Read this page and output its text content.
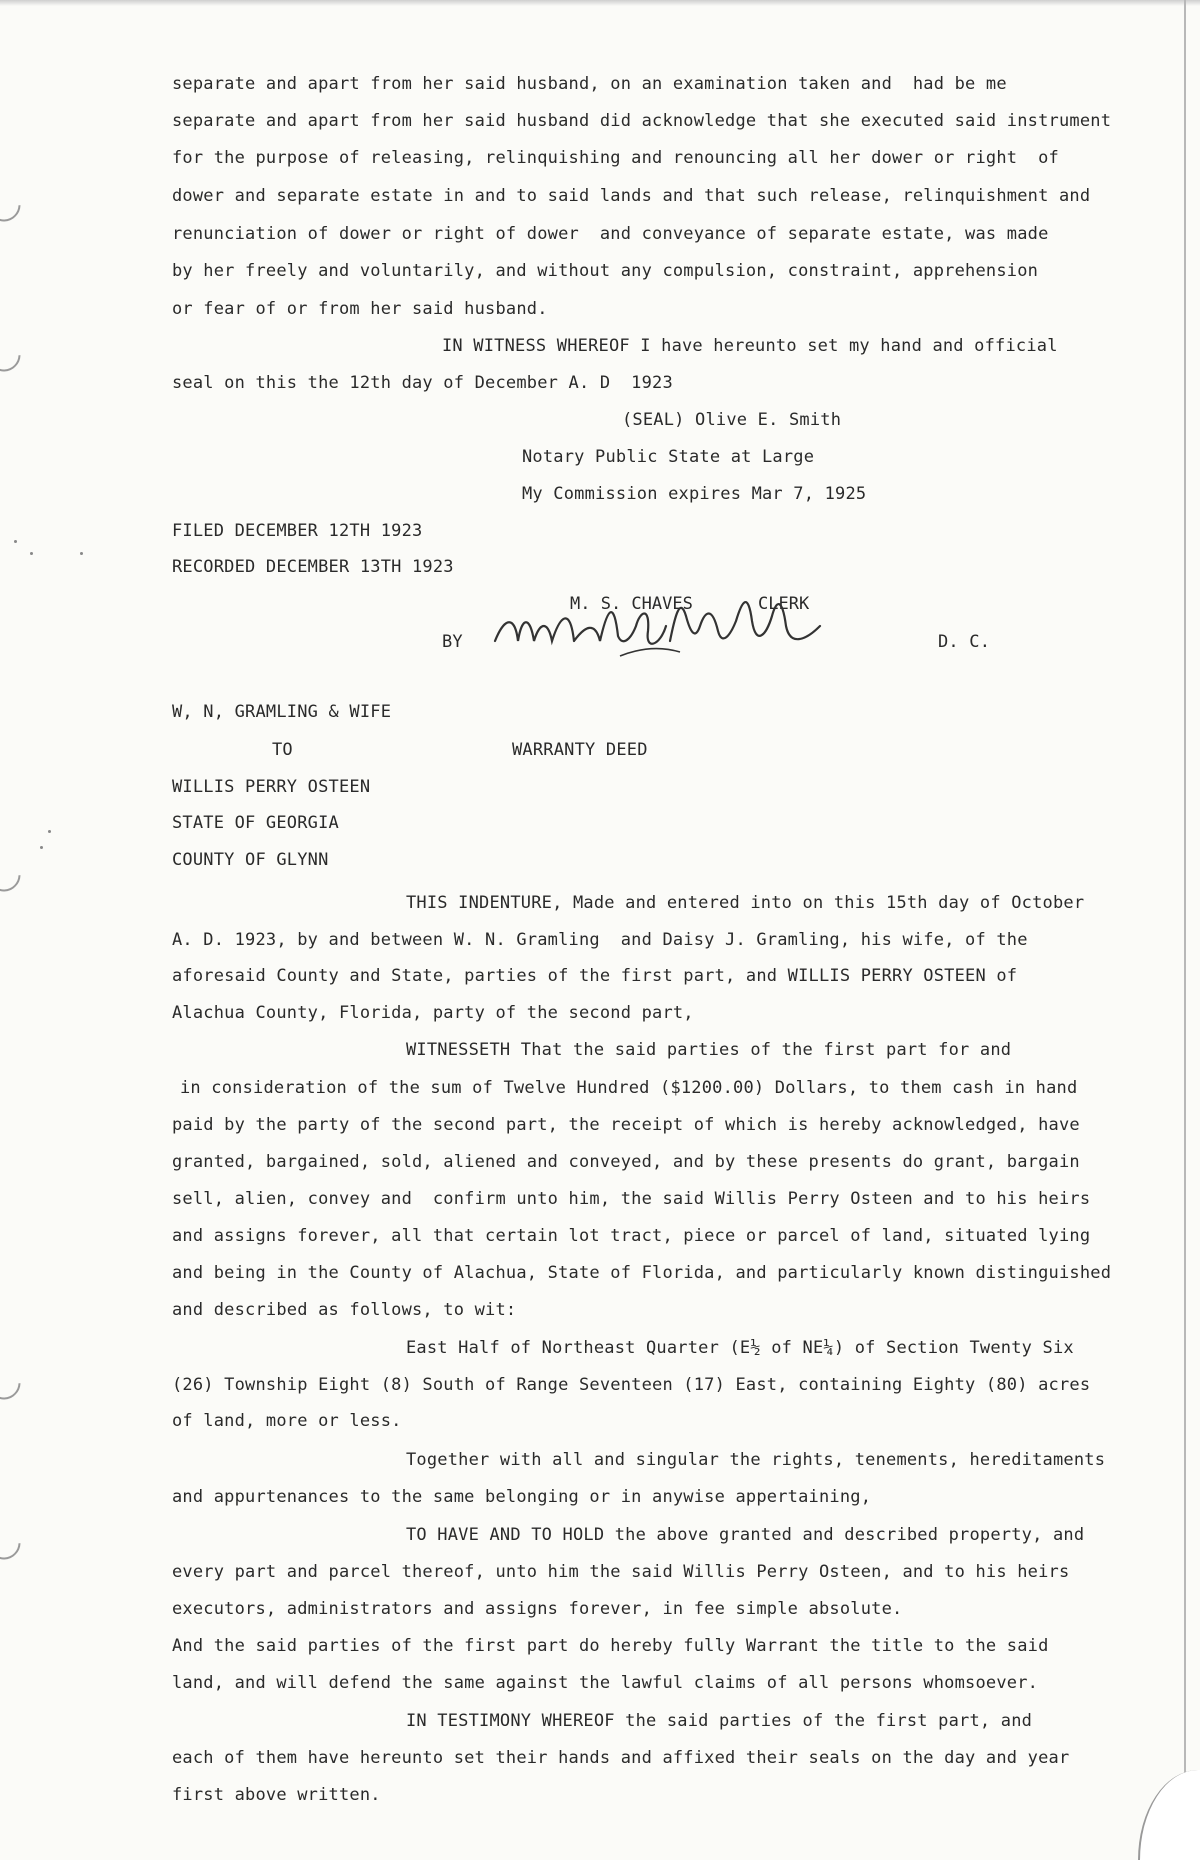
separate and apart from her said husband, on an examination taken and  had be me
separate and apart from her said husband did acknowledge that she executed said instrument
for the purpose of releasing, relinquishing and renouncing all her dower or right  of
dower and separate estate in and to said lands and that such release, relinquishment and
renunciation of dower or right of dower  and conveyance of separate estate, was made
by her freely and voluntarily, and without any compulsion, constraint, apprehension
or fear of or from her said husband.
IN WITNESS WHEREOF I have hereunto set my hand and official
seal on this the 12th day of December A. D  1923
(SEAL) Olive E. Smith
Notary Public State at Large
My Commission expires Mar 7, 1925
FILED DECEMBER 12TH 1923
RECORDED DECEMBER 13TH 1923
BY	D. C.
M. S. CHAVES	CLERK
W, N, GRAMLING & WIFE
TO	WARRANTY DEED
WILLIS PERRY OSTEEN
STATE OF GEORGIA
COUNTY OF GLYNN
THIS INDENTURE, Made and entered into on this 15th day of October
A. D. 1923, by and between W. N. Gramling  and Daisy J. Gramling, his wife, of the
aforesaid County and State, parties of the first part, and WILLIS PERRY OSTEEN of
Alachua County, Florida, party of the second part,
WITNESSETH That the said parties of the first part for and
in consideration of the sum of Twelve Hundred ($1200.00) Dollars, to them cash in hand
paid by the party of the second part, the receipt of which is hereby acknowledged, have
granted, bargained, sold, aliened and conveyed, and by these presents do grant, bargain
sell, alien, convey and  confirm unto him, the said Willis Perry Osteen and to his heirs
and assigns forever, all that certain lot tract, piece or parcel of land, situated lying
and being in the County of Alachua, State of Florida, and particularly known distinguished
and described as follows, to wit:
East Half of Northeast Quarter (E½ of NE¼) of Section Twenty Six
(26) Township Eight (8) South of Range Seventeen (17) East, containing Eighty (80) acres
of land, more or less.
Together with all and singular the rights, tenements, hereditaments
and appurtenances to the same belonging or in anywise appertaining,
TO HAVE AND TO HOLD the above granted and described property, and
every part and parcel thereof, unto him the said Willis Perry Osteen, and to his heirs
executors, administrators and assigns forever, in fee simple absolute.
And the said parties of the first part do hereby fully Warrant the title to the said
land, and will defend the same against the lawful claims of all persons whomsoever.
IN TESTIMONY WHEREOF the said parties of the first part, and
each of them have hereunto set their hands and affixed their seals on the day and year
first above written.
